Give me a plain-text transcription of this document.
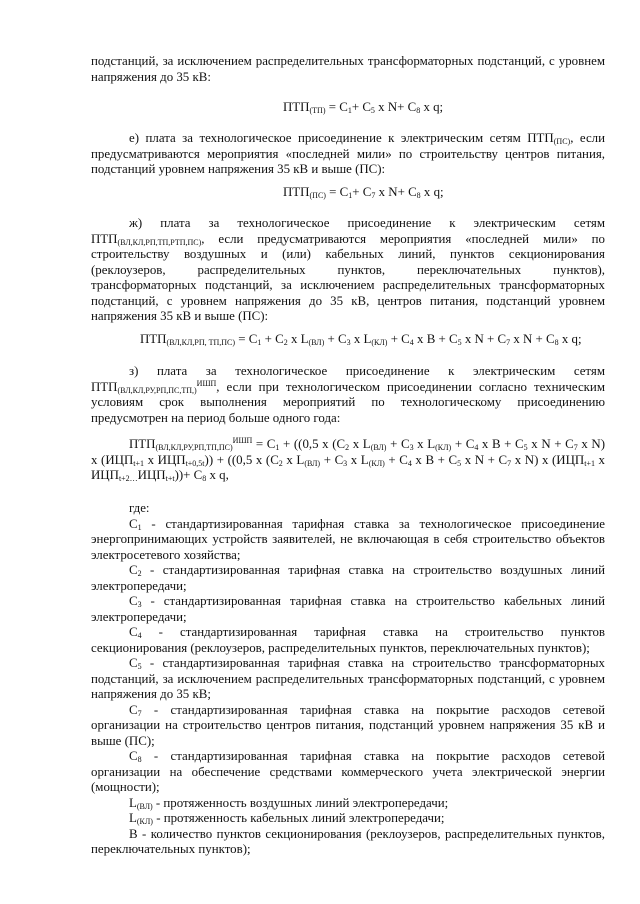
подстанций, за исключением распределительных трансформаторных подстанций, с уровнем
напряжения до 35 кВ:
$ПТП_{(ТП)} = C_1+ C_5$ x $N+ C_8$ x q;
е) плата за технологическое присоединение к электрическим сетям $ПТП_{(ПС)}$, если
предусматриваются мероприятия «последней мили» по строительству центров питания,
подстанций уровнем напряжения 35 кВ и выше (ПС):
$ПТП_{(ПС)} = C_1+ C_7$ x $N+ C_8$ x q;
ж) плата за технологическое присоединение к электрическим сетям
$ПТП_{(ВЛ,КЛ,РП,ТП,РТП,ПС)}$, если предусматриваются мероприятия «последней мили» по
строительству воздушных и (или) кабельных линий, пунктов секционирования
(реклоузеров, распределительных пунктов, переключательных пунктов),
трансформаторных подстанций, за исключением распределительных трансформаторных
подстанций, с уровнем напряжения до 35 кВ, центров питания, подстанций уровнем
напряжения 35 кВ и выше (ПС):
$ПТП_{(ВЛ,КЛ,РП, ТП,ПС)} = C_1 + C_2$ x $L_{(ВЛ)} + C_3$ x $L_{(КЛ)} + C_4$ x $B + C_5$ x $N + C_7$ x $N + C_8$ x q;
з) плата за технологическое присоединение к электрическим сетям
$ПТП_{(ВЛ,КЛ,РУ,РП,ПС,ТП,)}^{ИШП}$, если при технологическом присоединении согласно техническим
условиям срок выполнения мероприятий по технологическому присоединению
предусмотрен на период больше одного года:
$ПТП_{(ВЛ,КЛ,РУ,РП,ТП,ПС)}^{ИШП} = C_1 + ((0,5$ x ($C_2$ x $L_{(ВЛ)} + C_3$ x $L_{(КЛ)} + C_4$ x $B + C_5$ x $N + C_7$ x N)
x ($ИЦП_{t+1}$ x $ИЦП_{t+0,5t})) + ((0,5$ x ($C_2$ x $L_{(ВЛ)} + C_3$ x $L_{(КЛ)} + C_4$ x $B + C_5$ x $N + C_7$ x N) x ($ИЦП_{t+1}$ x
$ИЦП_{t+2\dots}ИЦП_{t+t}))+ C_8$ x q,
где:
$C_1$ - стандартизированная тарифная ставка за технологическое присоединение
энергопринимающих устройств заявителей, не включающая в себя строительство объектов
электросетевого хозяйства;
$C_2$ - стандартизированная тарифная ставка на строительство воздушных линий
электропередачи;
$C_3$ - стандартизированная тарифная ставка на строительство кабельных линий
электропередачи;
$C_4$ - стандартизированная тарифная ставка на строительство пунктов
секционирования (реклоузеров, распределительных пунктов, переключательных пунктов);
$C_5$ - стандартизированная тарифная ставка на строительство трансформаторных
подстанций, за исключением распределительных трансформаторных подстанций, с уровнем
напряжения до 35 кВ;
$C_7$ - стандартизированная тарифная ставка на покрытие расходов сетевой
организации на строительство центров питания, подстанций уровнем напряжения 35 кВ и
выше (ПС);
$C_8$ - стандартизированная тарифная ставка на покрытие расходов сетевой
организации на обеспечение средствами коммерческого учета электрической энергии
(мощности);
$L_{(ВЛ)}$ - протяженность воздушных линий электропередачи;
$L_{(КЛ)}$ - протяженность кабельных линий электропередачи;
B - количество пунктов секционирования (реклоузеров, распределительных пунктов,
переключательных пунктов);
